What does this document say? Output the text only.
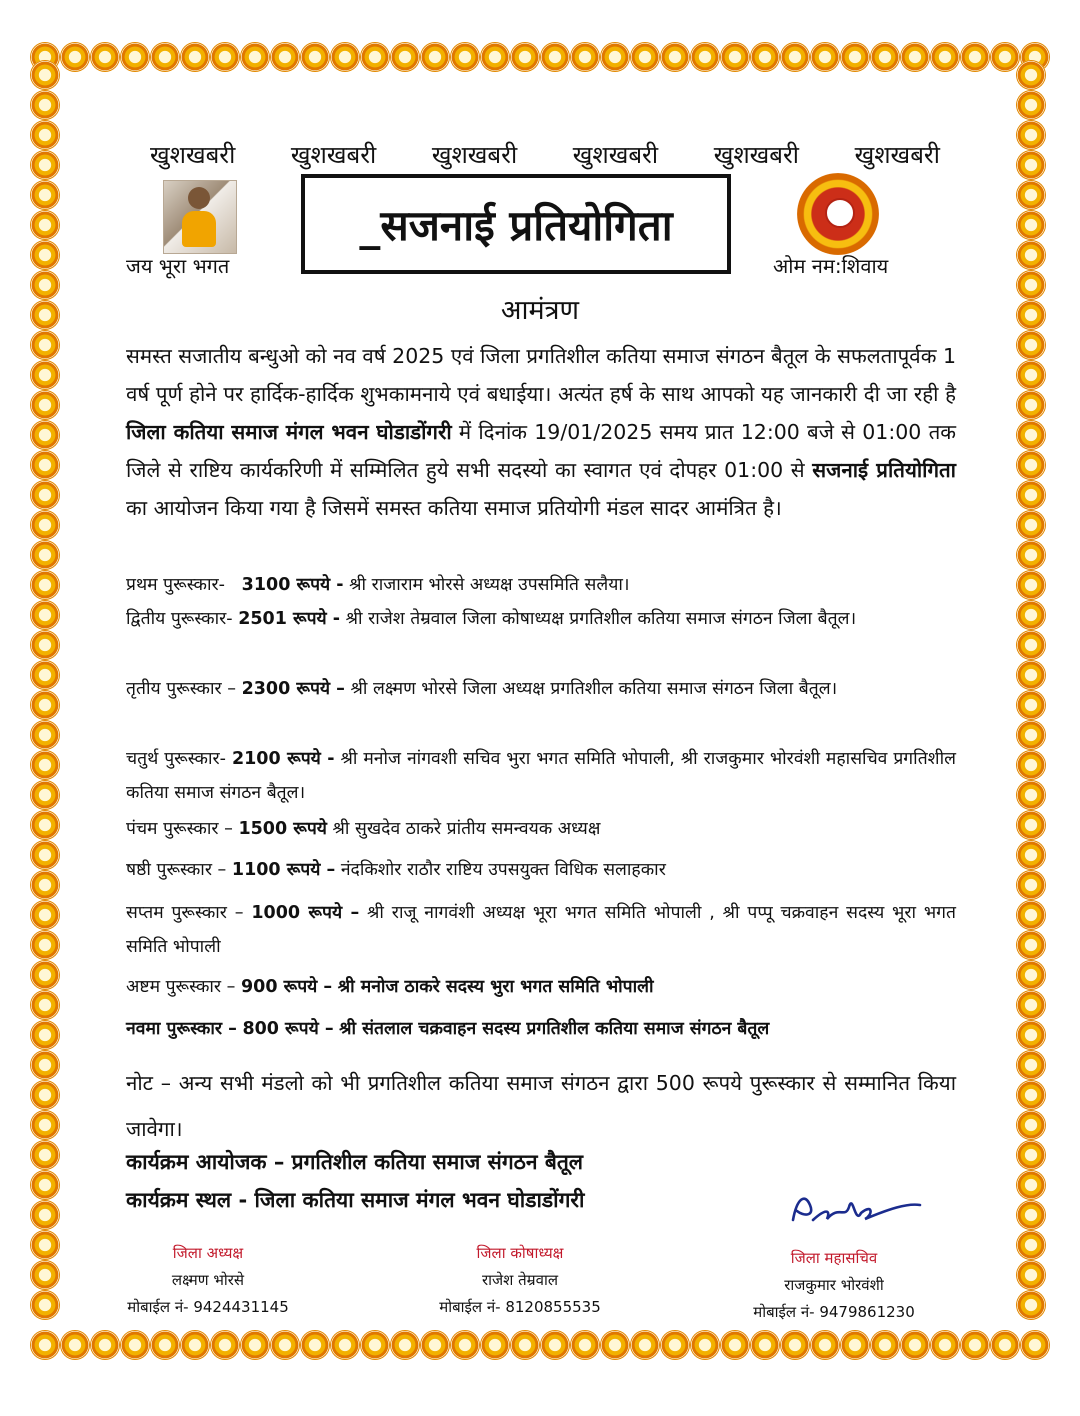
खुशखबरी खुशखबरी खुशखबरी खुशखबरी खुशखबरी खुशखबरी
जय भूरा भगत
_सजनाई प्रतियोगिता
ओम नम:शिवाय
आमंत्रण
समस्त सजातीय बन्धुओ को नव वर्ष 2025 एवं जिला प्रगतिशील कतिया समाज संगठन बैतूल के सफलतापूर्वक 1 वर्ष पूर्ण होने पर हार्दिक-हार्दिक शुभकामनाये एवं बधाईया। अत्यंत हर्ष के साथ आपको यह जानकारी दी जा रही है जिला कतिया समाज मंगल भवन घोडाडोंगरी में दिनांक 19/01/2025 समय प्रात 12:00 बजे से 01:00 तक जिले से राष्टिय कार्यकरिणी में सम्मिलित हुये सभी सदस्यो का स्वागत एवं दोपहर 01:00 से सजनाई प्रतियोगिता का आयोजन किया गया है जिसमें समस्त कतिया समाज प्रतियोगी मंडल सादर आमंत्रित है।
प्रथम पुरूस्कार- 3100 रूपये - श्री राजाराम भोरसे अध्यक्ष उपसमिति सलैया।
द्वितीय पुरूस्कार- 2501 रूपये - श्री राजेश तेम्रवाल जिला कोषाध्यक्ष प्रगतिशील कतिया समाज संगठन जिला बैतूल।
तृतीय पुरूस्कार – 2300 रूपये – श्री लक्ष्मण भोरसे जिला अध्यक्ष प्रगतिशील कतिया समाज संगठन जिला बैतूल।
चतुर्थ पुरूस्कार- 2100 रूपये - श्री मनोज नांगवशी सचिव भुरा भगत समिति भोपाली, श्री राजकुमार भोरवंशी महासचिव प्रगतिशील कतिया समाज संगठन बैतूल।
पंचम पुरूस्कार – 1500 रूपये श्री सुखदेव ठाकरे प्रांतीय समन्वयक अध्यक्ष
षष्ठी पुरूस्कार – 1100 रूपये – नंदकिशोर राठौर राष्टिय उपसयुक्त विधिक सलाहकार
सप्तम पुरूस्कार – 1000 रूपये – श्री राजू नागवंशी अध्यक्ष भूरा भगत समिति भोपाली , श्री पप्पू चक्रवाहन सदस्य भूरा भगत समिति भोपाली
अष्टम पुरूस्कार – 900 रूपये – श्री मनोज ठाकरे सदस्य भुरा भगत समिति भोपाली
नवमा पुरूस्कार – 800 रूपये – श्री संतलाल चक्रवाहन सदस्य प्रगतिशील कतिया समाज संगठन बैतूल
नोट – अन्य सभी मंडलो को भी प्रगतिशील कतिया समाज संगठन द्वारा 500 रूपये पुरूस्कार से सम्मानित किया जावेगा।
कार्यक्रम आयोजक – प्रगतिशील कतिया समाज संगठन बैतूल
कार्यक्रम स्थल - जिला कतिया समाज मंगल भवन घोडाडोंगरी
जिला अध्यक्ष
लक्ष्मण भोरसे
मोबाईल नं- 9424431145
जिला कोषाध्यक्ष
राजेश तेम्रवाल
मोबाईल नं- 8120855535
जिला महासचिव
राजकुमार भोरवंशी
मोबाईल नं- 9479861230
